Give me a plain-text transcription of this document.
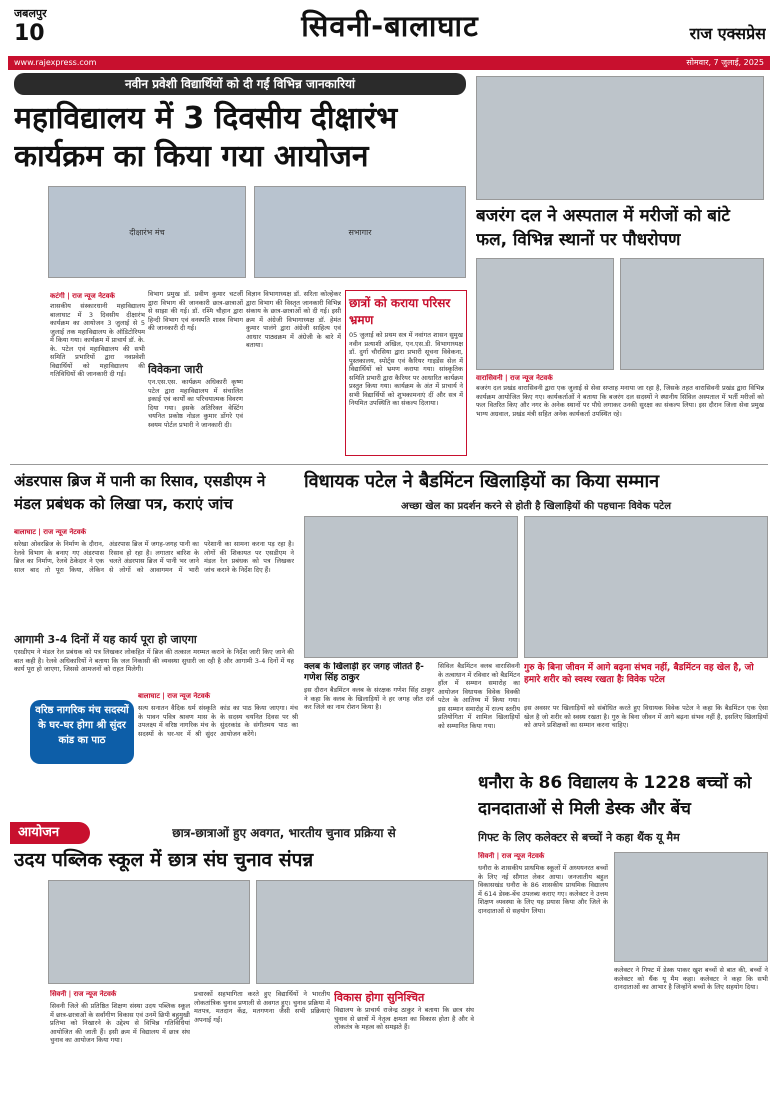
जबलपुर
10	सिवनी-बालाघाट	राज एक्सप्रेस
www.rajexpress.com	सोमवार, 7 जुलाई, 2025
नवीन प्रवेशी विद्यार्थियों को दी गईं विभिन्न जानकारियां
महाविद्यालय में 3 दिवसीय दीक्षारंभ कार्यक्रम का किया गया आयोजन
दीक्षारंभ मंच	सभागार
कटंगी | राज न्यूज नेटवर्क
शासकीय संस्कारधानी महाविद्यालय बालाघाट में 3 दिवसीय दीक्षारंभ कार्यक्रम का आयोजन 3 जुलाई से 5 जुलाई तक महाविद्यालय के ऑडिटोरियम में किया गया। कार्यक्रम में प्राचार्य डॉ. के. के. पटेल एवं महाविद्यालय की सभी समिति प्रभारियों द्वारा नवप्रवेशी विद्यार्थियों को महाविद्यालय की गतिविधियों की जानकारी दी गई।
विभाग प्रमुख डॉ. प्रवीण कुमार चटर्जी द्वारा विभाग की जानकारी छात्र-छात्राओं से साझा की गई। डॉ. रश्मि चौहान द्वारा हिन्दी विभाग एवं वनस्पति शास्त्र विभाग की जानकारी दी गई।
विवेकना जारी
एन.एस.एस. कार्यक्रम अधिकारी कृष्ण पटेल द्वारा महाविद्यालय में संचालित इकाई एवं कार्यों का परिचयात्मक विवरण दिया गया। इसके अतिरिक्त वेस्टिंग चयनित प्रकोष्ठ नोडल कुमार डोंगरे एवं स्वयम पोर्टल प्रभारी ने जानकारी दी।
विज्ञान विभागाध्यक्ष डॉ. सरिता कोल्हेकर द्वारा विभाग की विस्तृत जानकारी विभिन्न संकाय के छात्र-छात्राओं को दी गई। इसी क्रम में अंग्रेजी विभागाध्यक्ष डॉ. हेमंत कुमार पालंगे द्वारा अंग्रेजी साहित्य एवं आधार पाठ्यक्रम में अंग्रेजी के बारे में बताया।
छात्रों को कराया परिसर भ्रमण
05 जुलाई को प्रथम सत्र में नवांगत शासन सुमुख नवीन प्रत्याशी अखिल, एन.एस.डी. विभागाध्यक्ष डॉ. दुर्गा चौरसिया द्वारा प्रभारी सूचना विवेकना, पुस्तकालय, स्पोर्ट्स एवं कैरियर गाइडेंस सेल में विद्यार्थियों को भ्रमण कराया गया। सांस्कृतिक समिति प्रभारी द्वारा कैरियर पर आधारित कार्यक्रम प्रस्तुत किया गया। कार्यक्रम के अंत में प्राचार्य ने सभी विद्यार्थियों को शुभकामनाएं दीं और सत्र में नियमित उपस्थिति का संकल्प दिलाया।
बजरंग दल ने अस्पताल में मरीजों को बांटे फल, विभिन्न स्थानों पर पौधरोपण
वारासिवनी | राज न्यूज नेटवर्क
बजरंग दल प्रखंड वारासिवनी द्वारा एक जुलाई से सेवा सप्ताह मनाया जा रहा है, जिसके तहत वारासिवनी प्रखंड द्वारा विभिन्न कार्यक्रम आयोजित किए गए। कार्यकर्ताओं ने बताया कि बजरंग दल सदस्यों ने स्थानीय सिविल अस्पताल में भर्ती मरीजों को फल वितरित किए और नगर के अनेक स्थानों पर पौधे लगाकर उनकी सुरक्षा का संकल्प लिया। इस दौरान जिला सेवा प्रमुख भाग्य अग्रवाल, प्रखंड मंत्री सहित अनेक कार्यकर्ता उपस्थित रहे।
अंडरपास ब्रिज में पानी का रिसाव, एसडीएम ने मंडल प्रबंधक को लिखा पत्र, कराएं जांच
बालाघाट | राज न्यूज नेटवर्क
सरेखा ओवरब्रिज के निर्माण के दौरान, रेलवे विभाग के बनाए गए अंडरपास ब्रिज का निर्माण, रेलवे ठेकेदार ने एक साल बाद तो पूरा किया, लेकिन अंडरपास ब्रिज में जगह-जगह पानी का रिसाव हो रहा है। लगातार बारिश के चलते अंडरपास ब्रिज में पानी भर जाने से लोगों को आवागमन में भारी परेशानी का सामना करना पड़ रहा है। लोगों की शिकायत पर एसडीएम ने मंडल रेल प्रबंधक को पत्र लिखकर जांच कराने के निर्देश दिए हैं।
आगामी 3-4 दिनों में यह कार्य पूरा हो जाएगा
एसडीएम ने मंडल रेल प्रबंधक को पत्र लिखकर लोकहित में ब्रिज की तत्काल मरम्मत कराने के निर्देश जारी किए जाने की बात कही है। रेलवे अधिकारियों ने बताया कि जल निकासी की व्यवस्था सुधारी जा रही है और आगामी 3-4 दिनों में यह कार्य पूरा हो जाएगा, जिससे आमजनों को राहत मिलेगी।
विधायक पटेल ने बैडमिंटन खिलाड़ियों का किया सम्मान
अच्छा खेल का प्रदर्शन करने से होती है खिलाड़ियों की पहचानः विवेक पटेल
क्लब के खिलाड़ी हर जगह जीतते है- गणेश सिंह ठाकुर
इस दौरान बैडमिंटन क्लब के संरक्षक गणेश सिंह ठाकुर ने कहा कि क्लब के खिलाड़ियों ने हर जगह जीत दर्ज कर जिले का नाम रोशन किया है।
सिविल बैडमिंटन क्लब वारासिवनी के तत्वाधान में रविवार को बैडमिंटन हॉल में सम्मान समारोह का आयोजन विधायक विवेक विक्की पटेल के आतिथ्य में किया गया। इस सम्मान समारोह में राज्य स्तरीय प्रतियोगिता में शामिल खिलाड़ियों को सम्मानित किया गया।
गुरु के बिना जीवन में आगे बढ़ना संभव नहीं, बैडमिंटन वह खेल है, जो हमारे शरीर को स्वस्थ रखता हैः विवेक पटेल
इस अवसर पर खिलाड़ियों को संबोधित करते हुए विधायक विवेक पटेल ने कहा कि बैडमिंटन एक ऐसा खेल है जो शरीर को स्वस्थ रखता है। गुरु के बिना जीवन में आगे बढ़ना संभव नहीं है, इसलिए खिलाड़ियों को अपने प्रशिक्षकों का सम्मान करना चाहिए।
वरिष्ठ नागरिक मंच सदस्यों के घर-घर होगा श्री सुंदर कांड का पाठ
बालाघाट | राज न्यूज नेटवर्क
सत्य सनातन वैदिक धर्म संस्कृति के पावन पवित्र श्रावण मास के उपलक्ष्य में वरिष्ठ नागरिक मंच के सदस्यों के घर-घर में श्री सुंदर कांड का पाठ किया जाएगा। मंच के सदस्य चयनित दिवस पर श्री सुंदरकांड के संगीतमय पाठ का आयोजन करेंगे।
धनौरा के 86 विद्यालय के 1228 बच्चों को दानदाताओं से मिली डेस्क और बेंच
गिफ्ट के लिए कलेक्टर से बच्चों ने कहा थैंक यू मैम
सिवनी | राज न्यूज नेटवर्क
धनौरा के शासकीय प्राथमिक स्कूलों में अध्ययनरत बच्चों के लिए नई सौगात लेकर आया। जनजातीय बहुल विकासखंड धनौरा के 86 शासकीय प्राथमिक विद्यालय में 614 डेस्क-बेंच उपलब्ध कराए गए। कलेक्टर ने उत्तम शिक्षण व्यवस्था के लिए यह प्रयास किया और जिले के दानदाताओं से सहयोग लिया।
कलेक्टर ने गिफ्ट में डेस्क पाकर खुश बच्चों से बात की, बच्चों ने कलेक्टर को थैंक यू मैम कहा। कलेक्टर ने कहा कि सभी दानदाताओं का आभार है जिन्होंने बच्चों के लिए सहयोग दिया।
आयोजन	छात्र-छात्राओं हुए अवगत, भारतीय चुनाव प्रक्रिया से
उदय पब्लिक स्कूल में छात्र संघ चुनाव संपन्न
सिवनी | राज न्यूज नेटवर्क
सिवनी जिले की प्रतिष्ठित शिक्षण संस्था उदय पब्लिक स्कूल में छात्र-छात्राओं के सर्वांगीण विकास एवं उनमें छिपी बहुमुखी प्रतिभा को निखारने के उद्देश्य से विभिन्न गतिविधियां आयोजित की जाती हैं। इसी क्रम में विद्यालय में छात्र संघ चुनाव का आयोजन किया गया।
प्रचारकों सहभागिता करते हुए विद्यार्थियों ने भारतीय लोकतांत्रिक चुनाव प्रणाली से अवगत हुए। चुनाव प्रक्रिया में मतपत्र, मतदान केंद्र, मतगणना जैसी सभी प्रक्रियाएं अपनाई गईं।
विकास होगा सुनिश्चित
विद्यालय के प्राचार्य राजेन्द्र ठाकुर ने बताया कि छात्र संघ चुनाव से छात्रों में नेतृत्व क्षमता का विकास होता है और वे लोकतंत्र के महत्व को समझते हैं।
